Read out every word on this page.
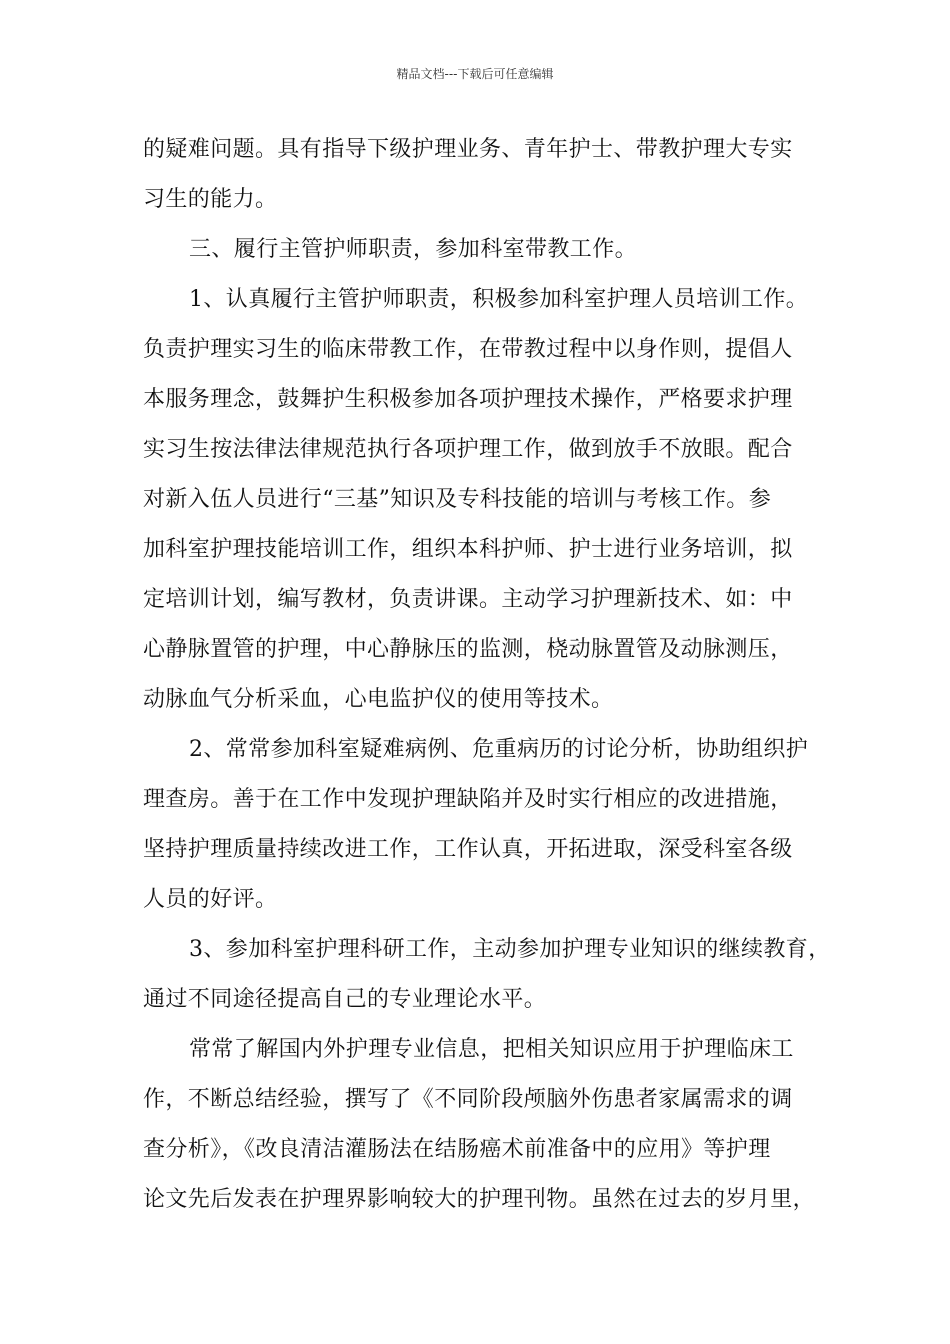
精品文档---下载后可任意编辑
的疑难问题。具有指导下级护理业务、青年护士、带教护理大专实
习生的能力。
三、履行主管护师职责，参加科室带教工作。
1、认真履行主管护师职责，积极参加科室护理人员培训工作。
负责护理实习生的临床带教工作，在带教过程中以身作则，提倡人
本服务理念，鼓舞护生积极参加各项护理技术操作，严格要求护理
实习生按法律法律规范执行各项护理工作，做到放手不放眼。配合
对新入伍人员进行“三基”知识及专科技能的培训与考核工作。参
加科室护理技能培训工作，组织本科护师、护士进行业务培训，拟
定培训计划，编写教材，负责讲课。主动学习护理新技术、如：中
心静脉置管的护理，中心静脉压的监测，桡动脉置管及动脉测压，
动脉血气分析采血，心电监护仪的使用等技术。
2、常常参加科室疑难病例、危重病历的讨论分析，协助组织护
理查房。善于在工作中发现护理缺陷并及时实行相应的改进措施，
坚持护理质量持续改进工作，工作认真，开拓进取，深受科室各级
人员的好评。
3、参加科室护理科研工作，主动参加护理专业知识的继续教育，
通过不同途径提高自己的专业理论水平。
常常了解国内外护理专业信息，把相关知识应用于护理临床工
作，不断总结经验，撰写了《不同阶段颅脑外伤患者家属需求的调
查分析》，《改良清洁灌肠法在结肠癌术前准备中的应用》等护理
论文先后发表在护理界影响较大的护理刊物。虽然在过去的岁月里，
